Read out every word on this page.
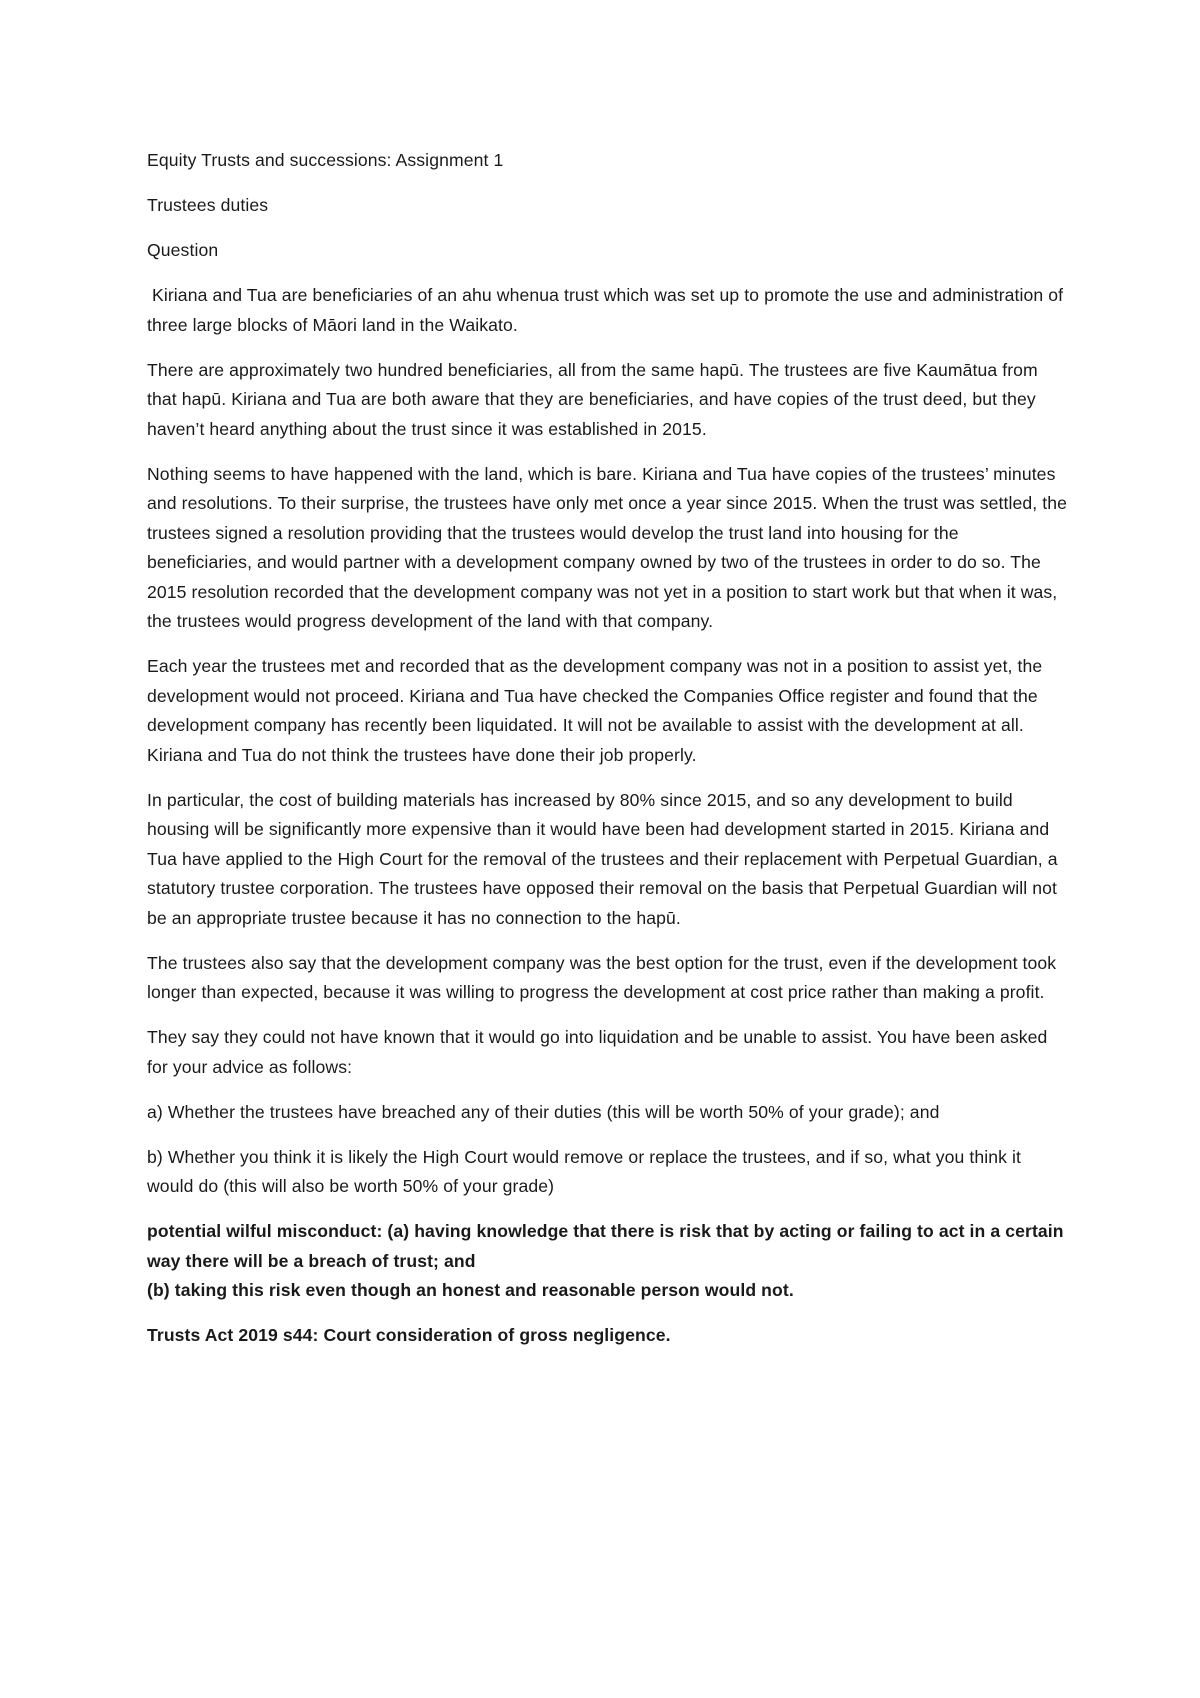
Equity Trusts and successions: Assignment 1

Trustees duties

Question

Kiriana and Tua are beneficiaries of an ahu whenua trust which was set up to promote the use and administration of three large blocks of Māori land in the Waikato.

There are approximately two hundred beneficiaries, all from the same hapū. The trustees are five Kaumātua from that hapū. Kiriana and Tua are both aware that they are beneficiaries, and have copies of the trust deed, but they haven’t heard anything about the trust since it was established in 2015.

Nothing seems to have happened with the land, which is bare. Kiriana and Tua have copies of the trustees’ minutes and resolutions. To their surprise, the trustees have only met once a year since 2015. When the trust was settled, the trustees signed a resolution providing that the trustees would develop the trust land into housing for the beneficiaries, and would partner with a development company owned by two of the trustees in order to do so. The 2015 resolution recorded that the development company was not yet in a position to start work but that when it was, the trustees would progress development of the land with that company.

Each year the trustees met and recorded that as the development company was not in a position to assist yet, the development would not proceed. Kiriana and Tua have checked the Companies Office register and found that the development company has recently been liquidated. It will not be available to assist with the development at all. Kiriana and Tua do not think the trustees have done their job properly.

In particular, the cost of building materials has increased by 80% since 2015, and so any development to build housing will be significantly more expensive than it would have been had development started in 2015. Kiriana and Tua have applied to the High Court for the removal of the trustees and their replacement with Perpetual Guardian, a statutory trustee corporation. The trustees have opposed their removal on the basis that Perpetual Guardian will not be an appropriate trustee because it has no connection to the hapū.

The trustees also say that the development company was the best option for the trust, even if the development took longer than expected, because it was willing to progress the development at cost price rather than making a profit.

They say they could not have known that it would go into liquidation and be unable to assist. You have been asked for your advice as follows:

a) Whether the trustees have breached any of their duties (this will be worth 50% of your grade); and

b) Whether you think it is likely the High Court would remove or replace the trustees, and if so, what you think it would do (this will also be worth 50% of your grade)

potential wilful misconduct: (a) having knowledge that there is risk that by acting or failing to act in a certain way there will be a breach of trust; and
(b) taking this risk even though an honest and reasonable person would not.

Trusts Act 2019 s44: Court consideration of gross negligence.
